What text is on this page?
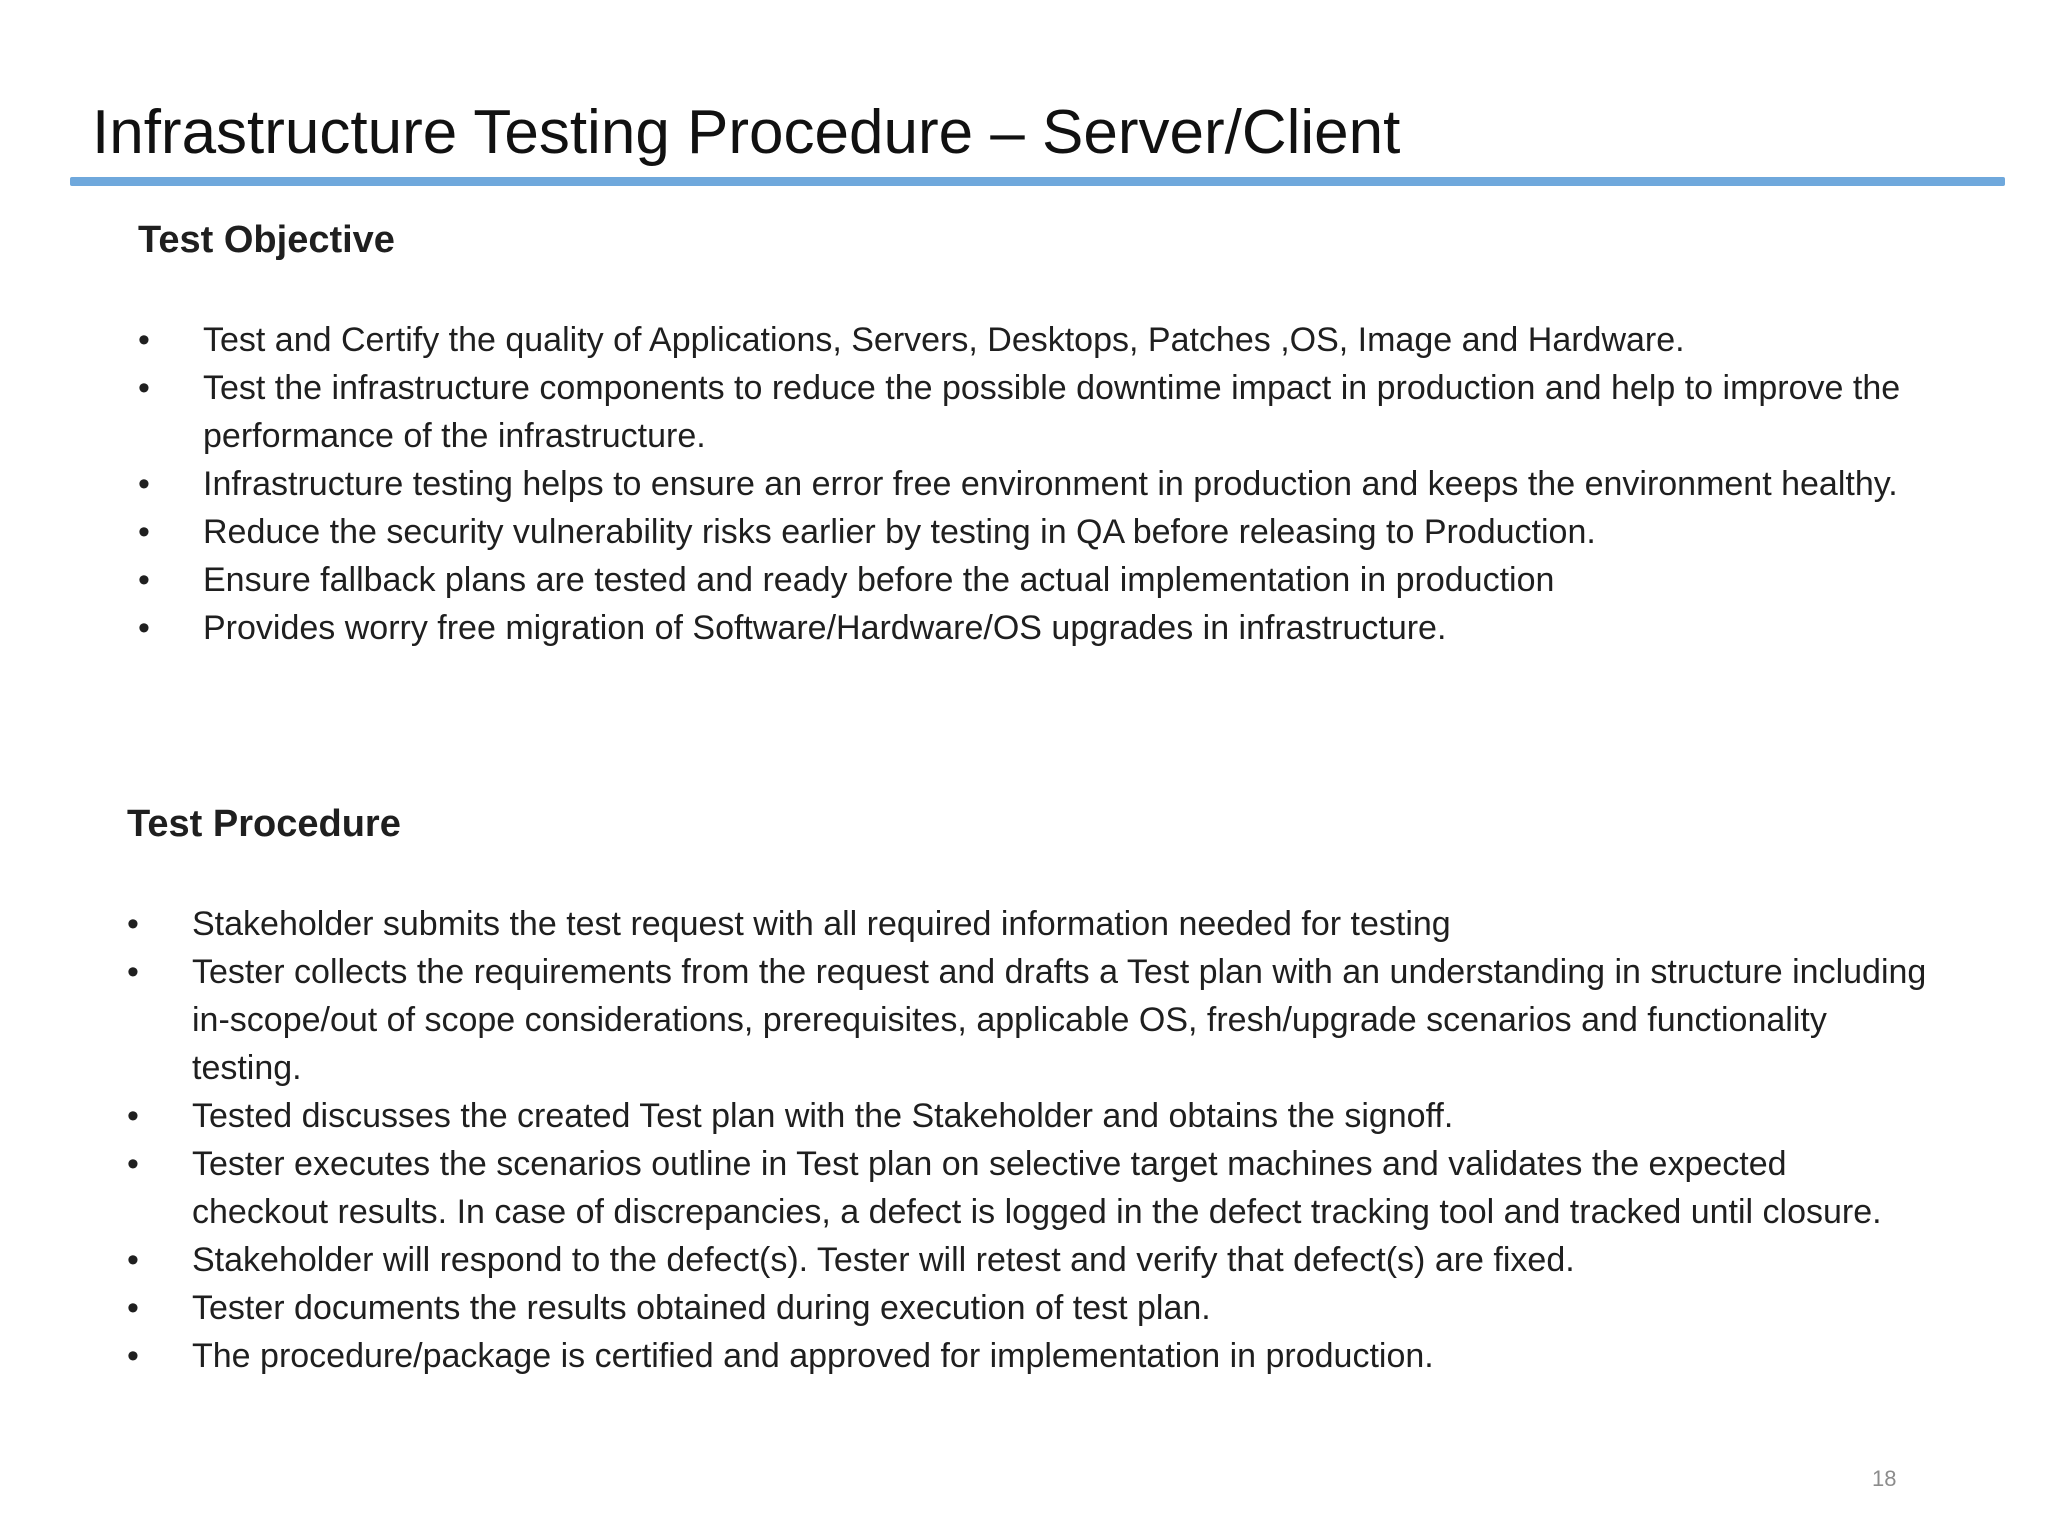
Infrastructure Testing Procedure – Server/Client
Test Objective
•	Test and Certify the quality of Applications, Servers, Desktops, Patches ,OS, Image and Hardware.
•	Test the infrastructure components to reduce the possible downtime impact in production and help to improve the performance of the infrastructure.
•	Infrastructure testing helps to ensure an error free environment in production and keeps the environment healthy.
•	Reduce the security vulnerability risks earlier by testing in QA before releasing to Production.
•	Ensure fallback plans are tested and ready before the actual implementation in production
•	Provides worry free migration of Software/Hardware/OS upgrades in infrastructure.
Test Procedure
•	Stakeholder submits the test request with all required information needed for testing
•	Tester collects the requirements from the request and drafts a Test plan with an understanding in structure including in-scope/out of scope considerations, prerequisites, applicable OS, fresh/upgrade scenarios and functionality testing.
•	Tested discusses the created Test plan with the Stakeholder and obtains the signoff.
•	Tester executes the scenarios outline in Test plan on selective target machines and validates the expected checkout results. In case of discrepancies, a defect is logged in the defect tracking tool and tracked until closure.
•	Stakeholder will respond to the defect(s). Tester will retest and verify that defect(s) are fixed.
•	Tester documents the results obtained during execution of test plan.
•	The procedure/package is certified and approved for implementation in production.
18
